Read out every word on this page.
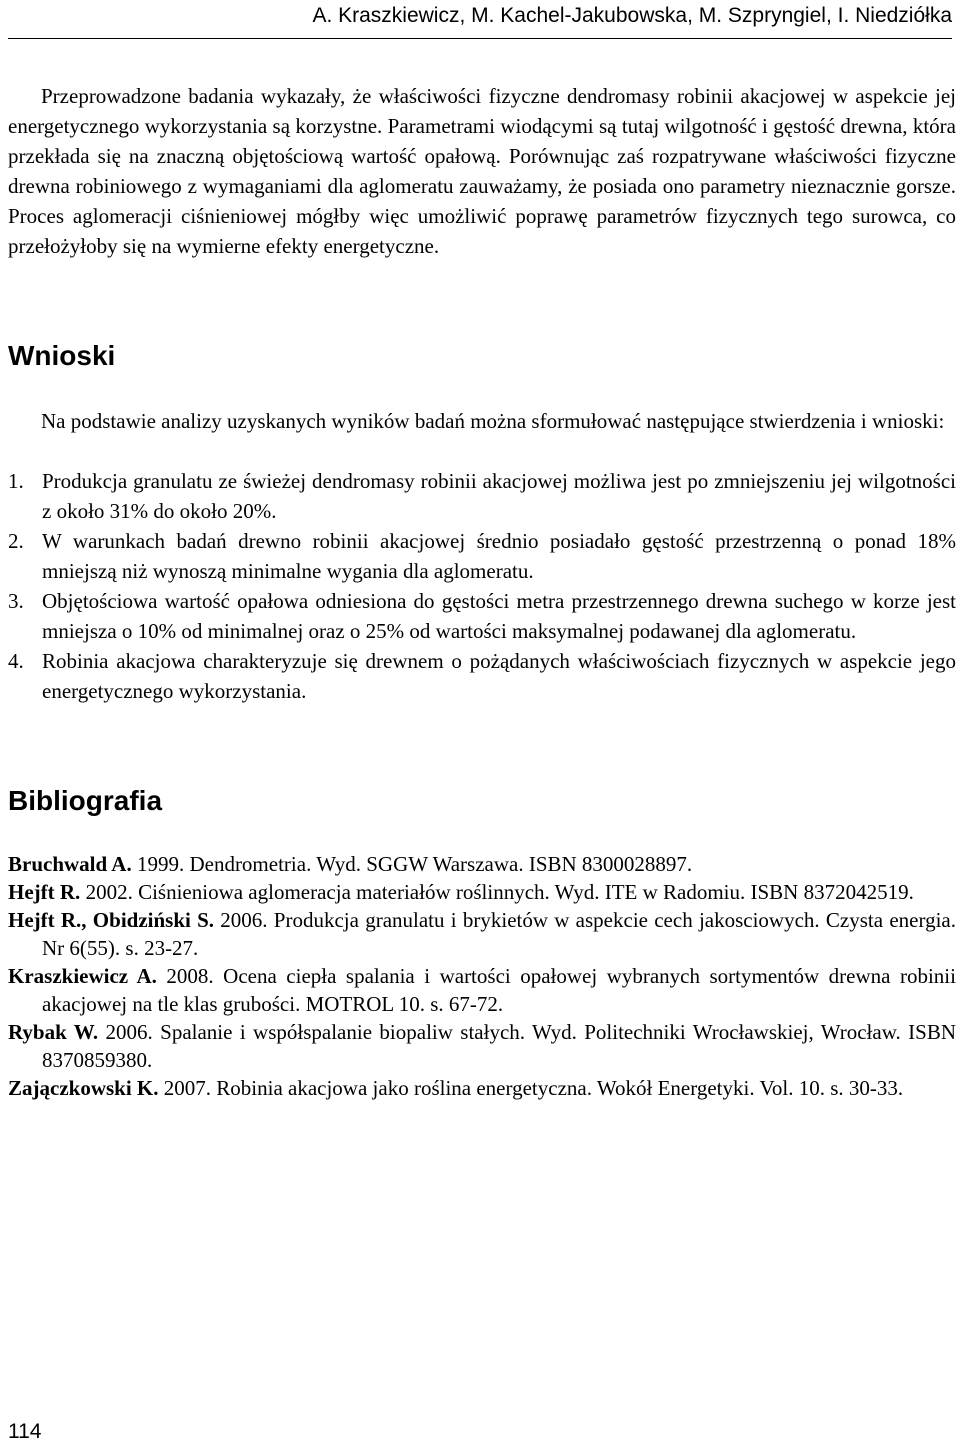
A. Kraszkiewicz, M. Kachel-Jakubowska, M. Szpryngiel, I. Niedziółka

Przeprowadzone badania wykazały, że właściwości fizyczne dendromasy robinii akacjowej w aspekcie jej energetycznego wykorzystania są korzystne. Parametrami wiodącymi są tutaj wilgotność i gęstość drewna, która przekłada się na znaczną objętościową wartość opałową. Porównując zaś rozpatrywane właściwości fizyczne drewna robiniowego z wymaganiami dla aglomeratu zauważamy, że posiada ono parametry nieznacznie gorsze. Proces aglomeracji ciśnieniowej mógłby więc umożliwić poprawę parametrów fizycznych tego surowca, co przełożyłoby się na wymierne efekty energetyczne.

Wnioski

Na podstawie analizy uzyskanych wyników badań można sformułować następujące stwierdzenia i wnioski:

1. Produkcja granulatu ze świeżej dendromasy robinii akacjowej możliwa jest po zmniejszeniu jej wilgotności z około 31% do około 20%.
2. W warunkach badań drewno robinii akacjowej średnio posiadało gęstość przestrzenną o ponad 18% mniejszą niż wynoszą minimalne wygania dla aglomeratu.
3. Objętościowa wartość opałowa odniesiona do gęstości metra przestrzennego drewna suchego w korze jest mniejsza o 10% od minimalnej oraz o 25% od wartości maksymalnej podawanej dla aglomeratu.
4. Robinia akacjowa charakteryzuje się drewnem o pożądanych właściwościach fizycznych w aspekcie jego energetycznego wykorzystania.
Bibliografia
Bruchwald A. 1999. Dendrometria. Wyd. SGGW Warszawa. ISBN 8300028897.
Hejft R. 2002. Ciśnieniowa aglomeracja materiałów roślinnych. Wyd. ITE w Radomiu. ISBN 8372042519.
Hejft R., Obidziński S. 2006. Produkcja granulatu i brykietów w aspekcie cech jakosciowych. Czysta energia. Nr 6(55). s. 23-27.
Kraszkiewicz A. 2008. Ocena ciepła spalania i wartości opałowej wybranych sortymentów drewna robinii akacjowej na tle klas grubości. MOTROL 10. s. 67-72.
Rybak W. 2006. Spalanie i współspalanie biopaliw stałych. Wyd. Politechniki Wrocławskiej, Wrocław. ISBN 8370859380.
Zajączkowski K. 2007. Robinia akacjowa jako roślina energetyczna. Wokół Energetyki. Vol. 10. s. 30-33.
114
